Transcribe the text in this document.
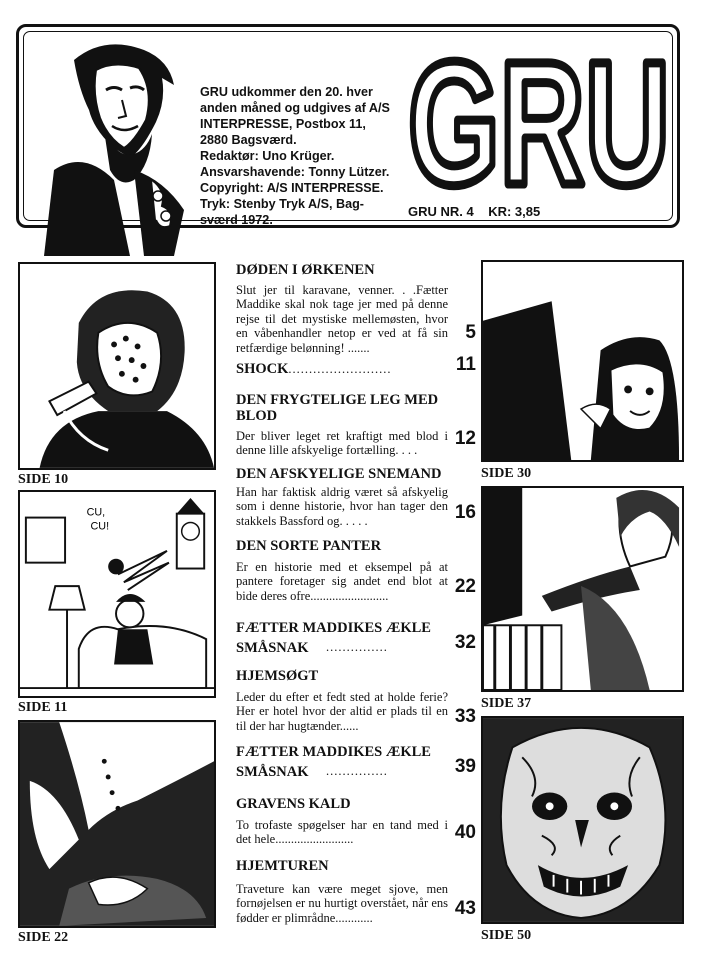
GRU udkommer den 20. hver
anden måned og udgives af A/S
INTERPRESSE, Postbox 11,
2880 Bagsværd.
Redaktør: Uno Krüger.
Ansvarshavende: Tonny Lützer.
Copyright: A/S INTERPRESSE.
Tryk: Stenby Tryk A/S, Bag-
sværd 1972. GRU
GRU NR. 4 KR: 3,85
SIDE 10
CU,
CU!
SIDE 11
SIDE 22
SIDE 30
SIDE 37
SIDE 50
DØDEN I ØRKENEN
Slut jer til karavane, venner. . .Fætter Maddike skal nok tage jer med på denne rejse til det mystiske mellemøsten, hvor en våbenhandler netop er ved at få sin retfærdige belønning! .......
5
SHOCK.........................	11
DEN FRYGTELIGE LEG MED BLOD
Der bliver leget ret kraftigt med blod i denne lille afskyelige fortælling. . . .
12
DEN AFSKYELIGE SNEMAND
Han har faktisk aldrig været så afskyelig som i denne historie, hvor han tager den stakkels Bassford og. . . . .	16
DEN SORTE PANTER
Er en historie med et eksempel på at pantere foretager sig andet end blot at bide deres ofre.........................	22
FÆTTER MADDIKES ÆKLE SMÅSNAK	...............	32
HJEMSØGT
Leder du efter et fedt sted at holde ferie? Her er hotel hvor der altid er plads til en til der har hugtænder......	33
FÆTTER MADDIKES ÆKLE SMÅSNAK	...............	39
GRAVENS KALD
To trofaste spøgelser har en tand med i det hele.........................	40
HJEMTUREN
Traveture kan være meget sjove, men fornøjelsen er nu hurtigt overstået, når ens fødder er plimrådne............	43
